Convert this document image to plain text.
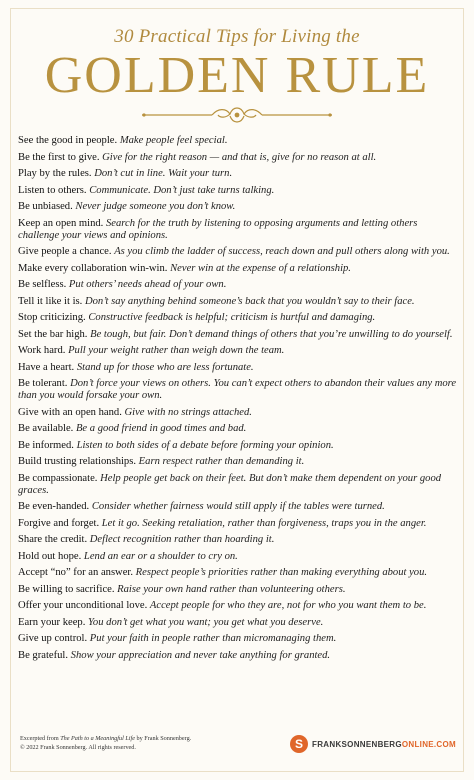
30 Practical Tips for Living the
GOLDEN RULE
See the good in people. Make people feel special.
Be the first to give. Give for the right reason — and that is, give for no reason at all.
Play by the rules. Don’t cut in line. Wait your turn.
Listen to others. Communicate. Don’t just take turns talking.
Be unbiased. Never judge someone you don’t know.
Keep an open mind. Search for the truth by listening to opposing arguments and letting others challenge your views and opinions.
Give people a chance. As you climb the ladder of success, reach down and pull others along with you.
Make every collaboration win-win. Never win at the expense of a relationship.
Be selfless. Put others’ needs ahead of your own.
Tell it like it is. Don’t say anything behind someone’s back that you wouldn’t say to their face.
Stop criticizing. Constructive feedback is helpful; criticism is hurtful and damaging.
Set the bar high. Be tough, but fair. Don’t demand things of others that you’re unwilling to do yourself.
Work hard. Pull your weight rather than weigh down the team.
Have a heart. Stand up for those who are less fortunate.
Be tolerant. Don’t force your views on others. You can’t expect others to abandon their values any more than you would forsake your own.
Give with an open hand. Give with no strings attached.
Be available. Be a good friend in good times and bad.
Be informed. Listen to both sides of a debate before forming your opinion.
Build trusting relationships. Earn respect rather than demanding it.
Be compassionate. Help people get back on their feet. But don’t make them dependent on your good graces.
Be even-handed. Consider whether fairness would still apply if the tables were turned.
Forgive and forget. Let it go. Seeking retaliation, rather than forgiveness, traps you in the anger.
Share the credit. Deflect recognition rather than hoarding it.
Hold out hope. Lend an ear or a shoulder to cry on.
Accept “no” for an answer. Respect people’s priorities rather than making everything about you.
Be willing to sacrifice. Raise your own hand rather than volunteering others.
Offer your unconditional love. Accept people for who they are, not for who you want them to be.
Earn your keep. You don’t get what you want; you get what you deserve.
Give up control. Put your faith in people rather than micromanaging them.
Be grateful. Show your appreciation and never take anything for granted.
Excerpted from The Path to a Meaningful Life by Frank Sonnenberg.
© 2022 Frank Sonnenberg. All rights reserved.	S	FRANKSONNENBERGONLINE.COM
